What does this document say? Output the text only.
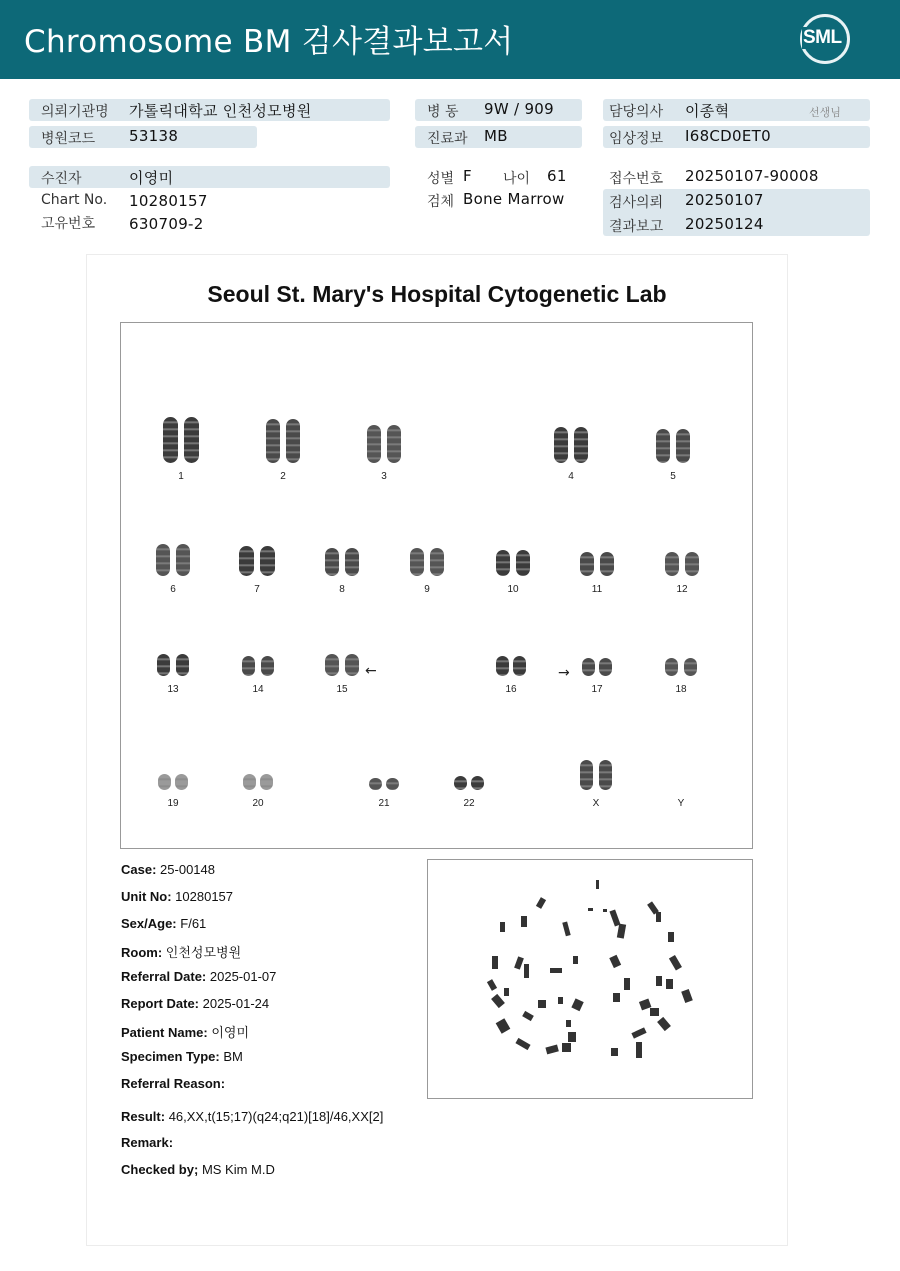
Chromosome BM 검사결과보고서	SML
의뢰기관명 가톨릭대학교 인천성모병원
병원코드 53138
수진자	이영미
Chart No. 10280157
고유번호 630709-2
병 동 9W / 909
진료과 MB
성별 F 나이 61
검체 Bone Marrow
담당의사 이종혁	선생님
임상정보 I68CD0ET0
접수번호 20250107-90008
검사의뢰 20250107
결과보고 20250124
Seoul St. Mary's Hospital Cytogenetic Lab
1	2	3	4	5
6	7	8	9	10	11	12
13	14	15	16	17	18
19	20	21	22	X	Y
←	→
Case: 25-00148
Unit No: 10280157
Sex/Age: F/61
Room: 인천성모병원
Referral Date: 2025-01-07
Report Date: 2025-01-24
Patient Name: 이영미
Specimen Type: BM
Referral Reason:
Result: 46,XX,t(15;17)(q24;q21)[18]/46,XX[2]
Remark:
Checked by; MS Kim M.D
